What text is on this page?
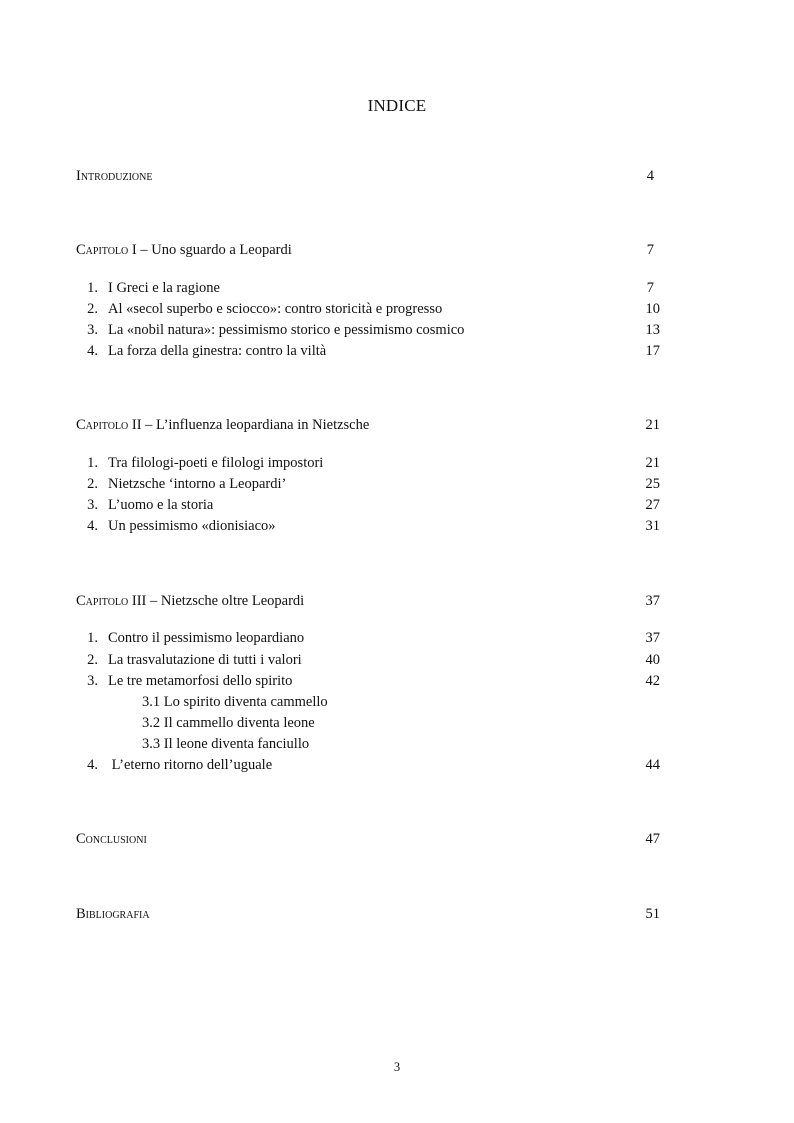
INDICE
Introduzione	4
Capitolo I – Uno sguardo a Leopardi	7
1. I Greci e la ragione	7
2. Al «secol superbo e sciocco»: contro storicità e progresso	10
3. La «nobil natura»: pessimismo storico e pessimismo cosmico	13
4. La forza della ginestra: contro la viltà	17
Capitolo II – L’influenza leopardiana in Nietzsche	21
1. Tra filologi-poeti e filologi impostori	21
2. Nietzsche ‘intorno a Leopardi’	25
3. L’uomo e la storia	27
4. Un pessimismo «dionisiaco»	31
Capitolo III – Nietzsche oltre Leopardi	37
1. Contro il pessimismo leopardiano	37
2. La trasvalutazione di tutti i valori	40
3. Le tre metamorfosi dello spirito	42
3.1 Lo spirito diventa cammello
3.2 Il cammello diventa leone
3.3 Il leone diventa fanciullo
4. L’eterno ritorno dell’uguale	44
Conclusioni	47
Bibliografia	51
3
